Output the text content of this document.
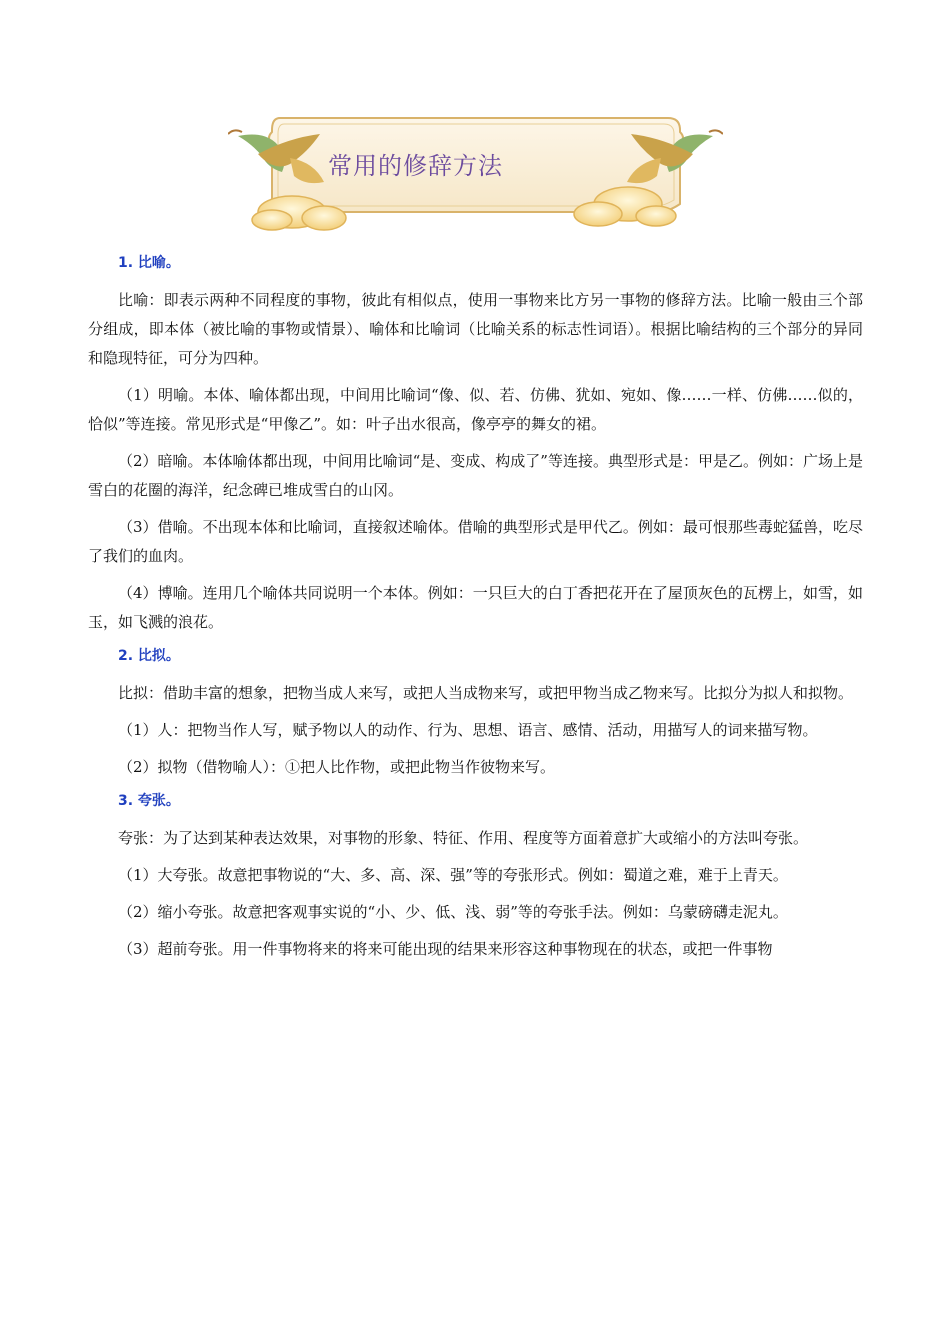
常用的修辞方法
1. 比喻。

比喻：即表示两种不同程度的事物，彼此有相似点，使用一事物来比方另一事物的修辞方法。比喻一般由三个部分组成，即本体（被比喻的事物或情景）、喻体和比喻词（比喻关系的标志性词语）。根据比喻结构的三个部分的异同和隐现特征，可分为四种。

（1）明喻。本体、喻体都出现，中间用比喻词“像、似、若、仿佛、犹如、宛如、像……一样、仿佛……似的，恰似”等连接。常见形式是“甲像乙”。如：叶子出水很高，像亭亭的舞女的裙。

（2）暗喻。本体喻体都出现，中间用比喻词“是、变成、构成了”等连接。典型形式是：甲是乙。例如：广场上是雪白的花圈的海洋，纪念碑已堆成雪白的山冈。

（3）借喻。不出现本体和比喻词，直接叙述喻体。借喻的典型形式是甲代乙。例如：最可恨那些毒蛇猛兽，吃尽了我们的血肉。

（4）博喻。连用几个喻体共同说明一个本体。例如：一只巨大的白丁香把花开在了屋顶灰色的瓦楞上，如雪，如玉，如飞溅的浪花。

2. 比拟。

比拟：借助丰富的想象，把物当成人来写，或把人当成物来写，或把甲物当成乙物来写。比拟分为拟人和拟物。

（1）人：把物当作人写，赋予物以人的动作、行为、思想、语言、感情、活动，用描写人的词来描写物。

（2）拟物（借物喻人）：①把人比作物，或把此物当作彼物来写。

3. 夸张。

夸张：为了达到某种表达效果，对事物的形象、特征、作用、程度等方面着意扩大或缩小的方法叫夸张。

（1）大夸张。故意把事物说的“大、多、高、深、强”等的夸张形式。例如：蜀道之难，难于上青天。

（2）缩小夸张。故意把客观事实说的“小、少、低、浅、弱”等的夸张手法。例如：乌蒙磅礴走泥丸。

（3）超前夸张。用一件事物将来的将来可能出现的结果来形容这种事物现在的状态，或把一件事物
